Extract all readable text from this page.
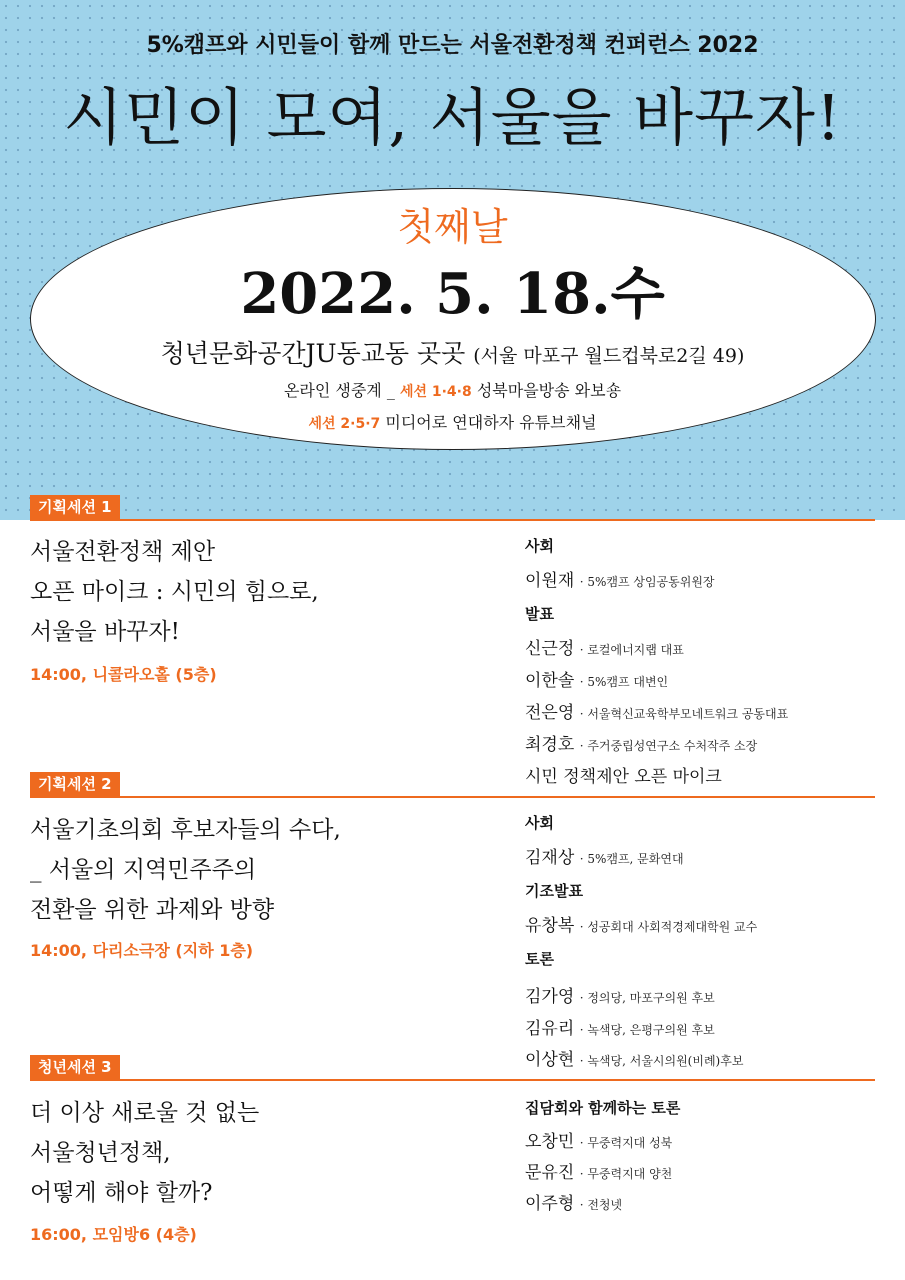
5%캠프와 시민들이 함께 만드는 서울전환정책 컨퍼런스 2022
시민이 모여, 서울을 바꾸자!
첫째날
2022. 5. 18.수
청년문화공간JU동교동 곳곳 (서울 마포구 월드컵북로2길 49)
온라인 생중계 _ 세션 1·4·8 성북마을방송 와보숑
세션 2·5·7 미디어로 연대하자 유튜브채널
기획세션 1
서울전환정책 제안
오픈 마이크 : 시민의 힘으로,
서울을 바꾸자!
14:00, 니콜라오홀 (5층)
사회
이원재 · 5%캠프 상임공동위원장
발표
신근정 · 로컬에너지랩 대표
이한솔 · 5%캠프 대변인
전은영 · 서울혁신교육학부모네트워크 공동대표
최경호 · 주거중립성연구소 수처작주 소장
시민 정책제안 오픈 마이크
기획세션 2
서울기초의회 후보자들의 수다,
_ 서울의 지역민주주의
전환을 위한 과제와 방향
14:00, 다리소극장 (지하 1층)
사회
김재상 · 5%캠프, 문화연대
기조발표
유창복 · 성공회대 사회적경제대학원 교수
토론
김가영 · 정의당, 마포구의원 후보
김유리 · 녹색당, 은평구의원 후보
이상현 · 녹색당, 서울시의원(비례)후보
청년세션 3
더 이상 새로울 것 없는
서울청년정책,
어떻게 해야 할까?
16:00, 모임방6 (4층)
집담회와 함께하는 토론
오창민 · 무중력지대 성북
문유진 · 무중력지대 양천
이주형 · 전청넷
